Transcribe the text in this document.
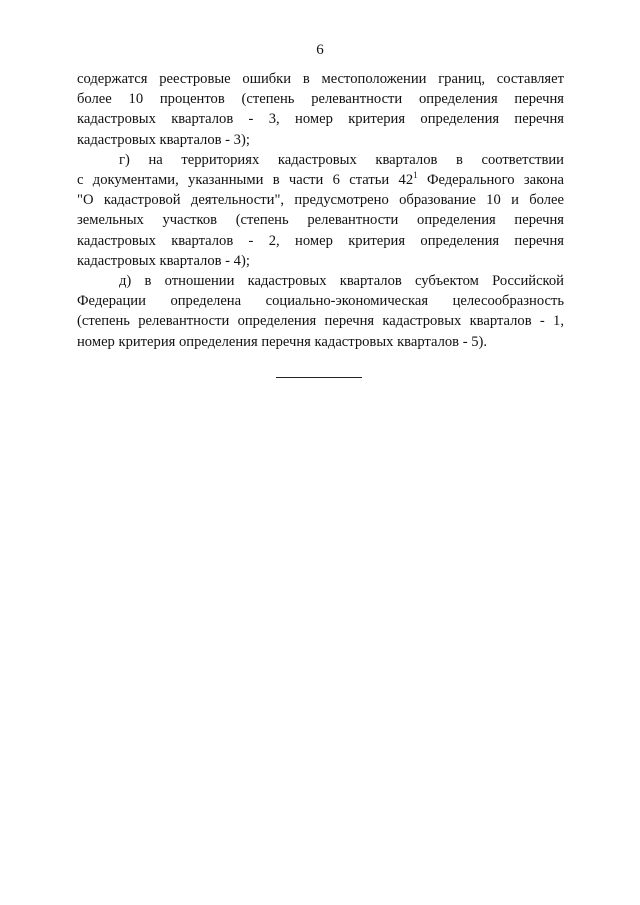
6

содержатся реестровые ошибки в местоположении границ, составляет
более 10 процентов (степень релевантности определения перечня
кадастровых кварталов - 3, номер критерия определения перечня
кадастровых кварталов - 3);

г) на территориях кадастровых кварталов в соответствии
с документами, указанными в части 6 статьи $42^1$ Федерального закона
"О кадастровой деятельности", предусмотрено образование 10 и более
земельных участков (степень релевантности определения перечня
кадастровых кварталов - 2, номер критерия определения перечня
кадастровых кварталов - 4);

д) в отношении кадастровых кварталов субъектом Российской
Федерации определена социально-экономическая целесообразность
(степень релевантности определения перечня кадастровых кварталов - 1,
номер критерия определения перечня кадастровых кварталов - 5).
